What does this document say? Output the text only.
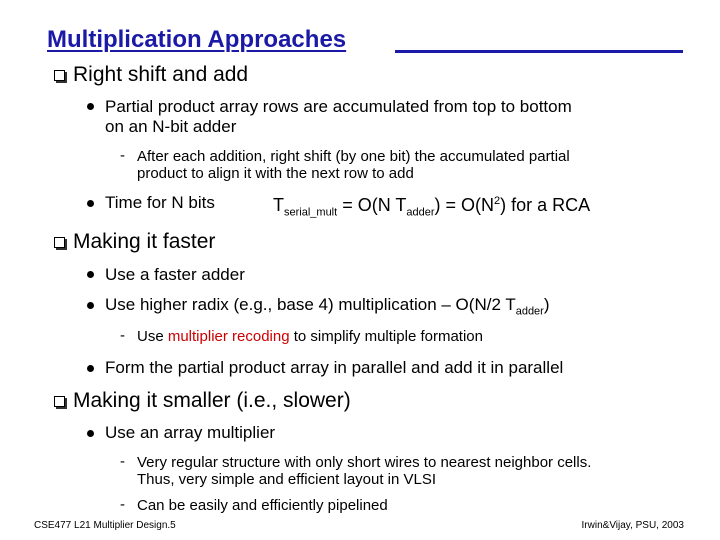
Multiplication Approaches
Right shift and add
Partial product array rows are accumulated from top to bottom
on an N-bit adder
- After each addition, right shift (by one bit) the accumulated partial
product to align it with the next row to add
Time for N bits	$T_{serial\_mult} = O(N$ $T_{adder}) = O(N^2)$ for a RCA
Making it faster
Use a faster adder
Use higher radix (e.g., base 4) multiplication – O(N/2 $T_{adder}$)
- Use multiplier recoding to simplify multiple formation
Form the partial product array in parallel and add it in parallel
Making it smaller (i.e., slower)
Use an array multiplier
- Very regular structure with only short wires to nearest neighbor cells.
Thus, very simple and efficient layout in VLSI
- Can be easily and efficiently pipelined
CSE477 L21 Multiplier Design.5	Irwin&Vijay, PSU, 2003
